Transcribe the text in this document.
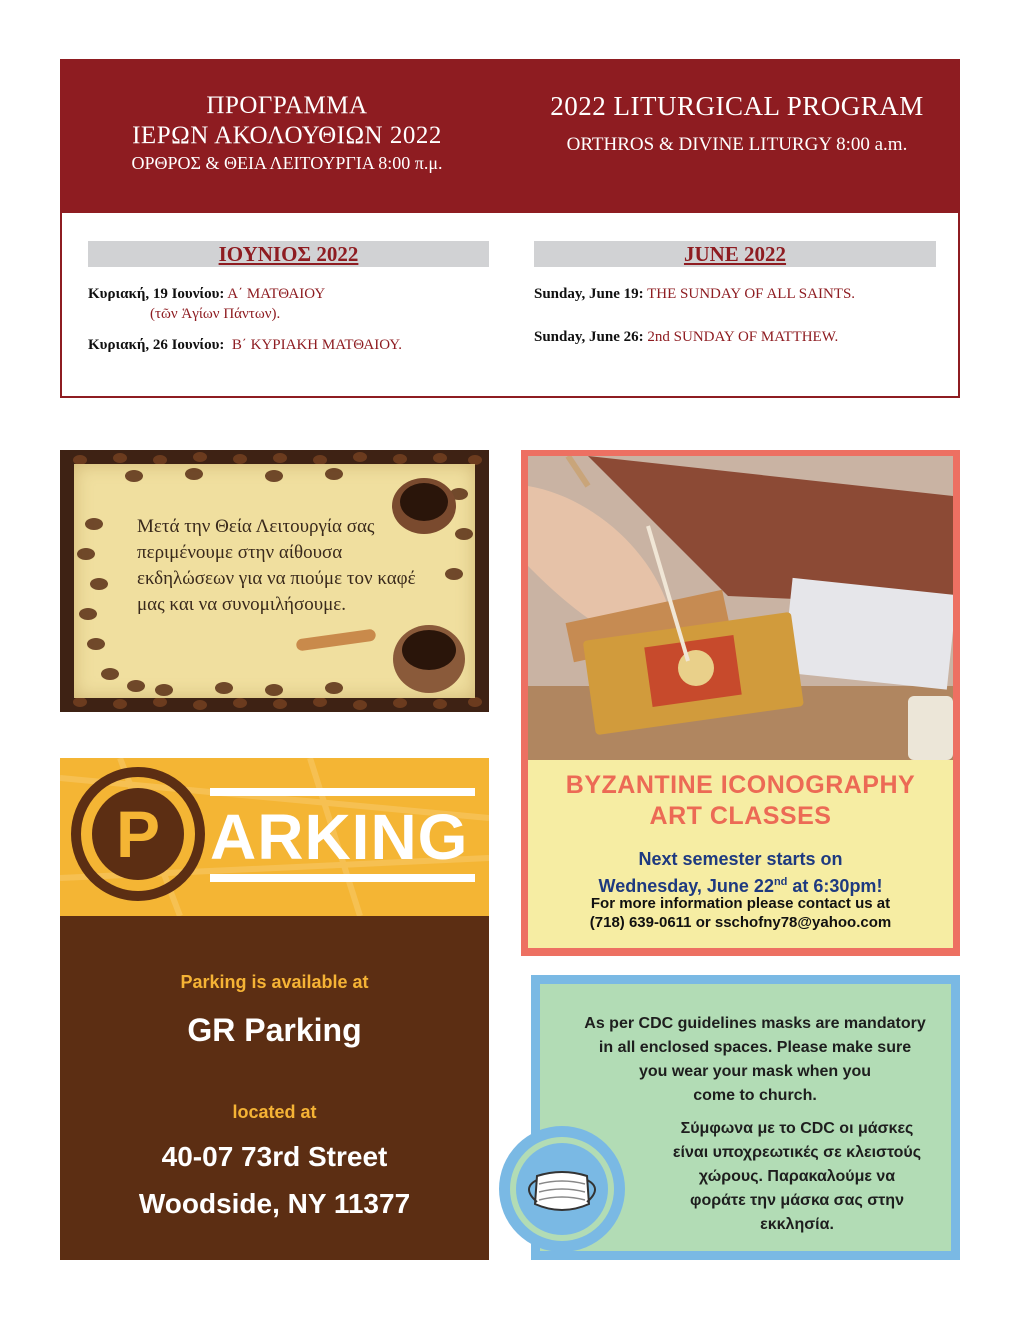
ΠΡΟΓΡΑΜΜΑ
ΙΕΡΩΝ ΑΚΟΛΟΥΘΙΩΝ 2022
ΟΡΘΡΟΣ & ΘΕΙΑ ΛΕΙΤΟΥΡΓΙΑ 8:00 π.μ.
2022 LITURGICAL PROGRAM
ORTHROS & DIVINE LITURGY 8:00 a.m.
ΙΟΥΝΙΟΣ 2022	JUNE 2022
Κυριακή, 19 Ιουνίου: Α΄ ΜΑΤΘΑΙΟΥ
(τῶν Ἁγίων Πάντων).
Κυριακή, 26 Ιουνίου: Β΄ ΚΥΡΙΑΚΗ ΜΑΤΘΑΙΟΥ.
Sunday, June 19: THE SUNDAY OF ALL SAINTS.
Sunday, June 26: 2nd SUNDAY OF MATTHEW.
Μετά την Θεία Λειτουργία σας περιμένουμε στην αίθουσα εκδηλώσεων για να πιούμε τον καφέ μας και να συνομιλήσουμε.
BYZANTINE ICONOGRAPHY
ART CLASSES
Next semester starts on
Wednesday, June 22nd at 6:30pm!
For more information please contact us at
(718) 639-0611 or sschofny78@yahoo.com
P ARKING
Parking is available at
GR Parking
located at
40-07 73rd Street
Woodside, NY 11377
As per CDC guidelines masks are mandatory
in all enclosed spaces. Please make sure
you wear your mask when you
come to church.
Σύμφωνα με το CDC οι μάσκες
είναι υποχρεωτικές σε κλειστούς
χώρους. Παρακαλούμε να
φοράτε την μάσκα σας στην
εκκλησία.
